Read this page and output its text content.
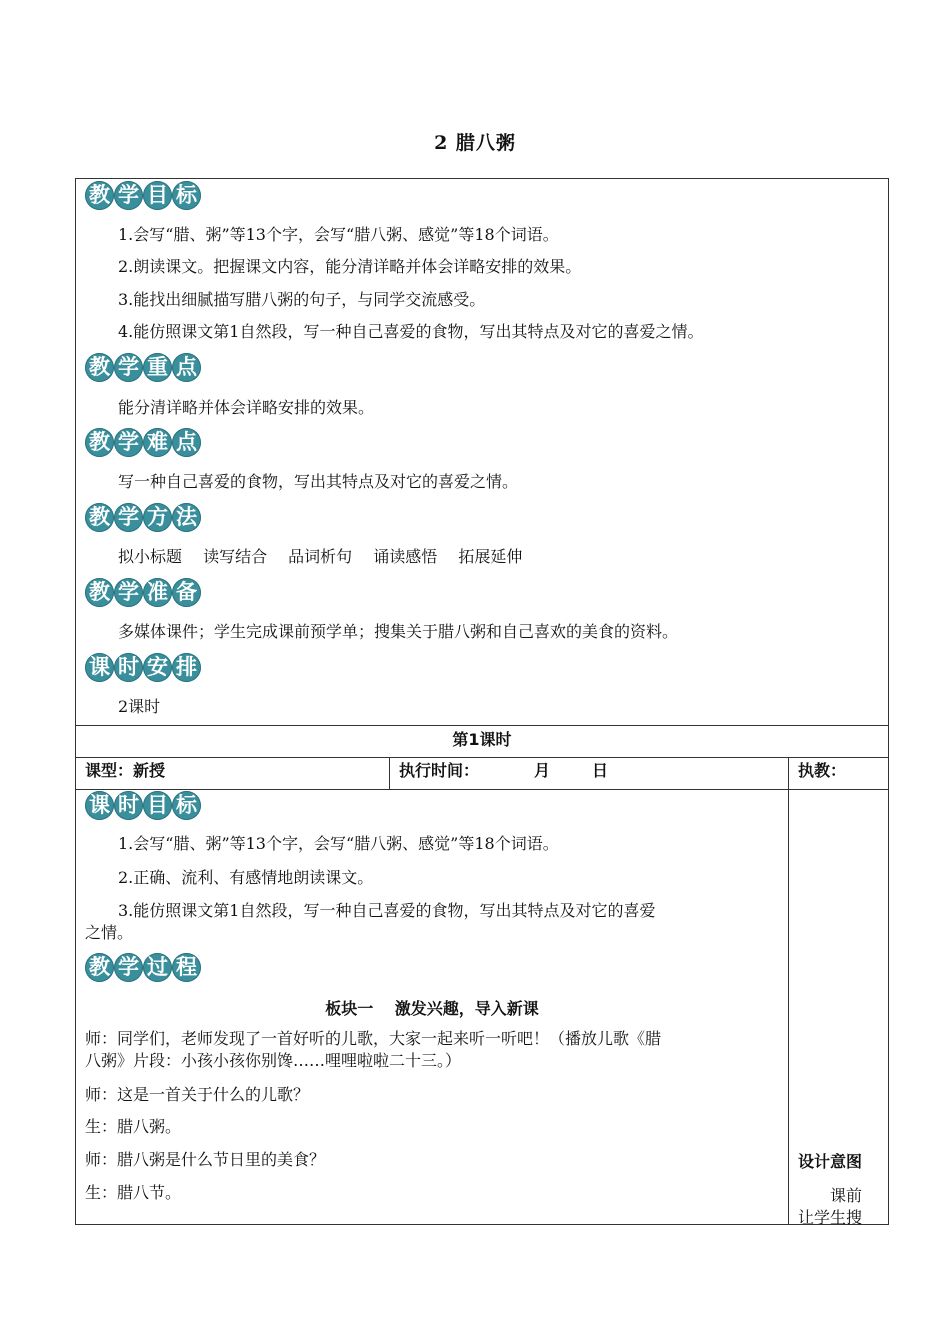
2 腊八粥
教 学 目 标
1.会写“腊、粥”等13个字，会写“腊八粥、感觉”等18个词语。
2.朗读课文。把握课文内容，能分清详略并体会详略安排的效果。
3.能找出细腻描写腊八粥的句子，与同学交流感受。
4.能仿照课文第1自然段，写一种自己喜爱的食物，写出其特点及对它的喜爱之情。
教 学 重 点
能分清详略并体会详略安排的效果。
教 学 难 点
写一种自己喜爱的食物，写出其特点及对它的喜爱之情。
教 学 方 法
拟小标题　 读写结合　 品词析句　 诵读感悟　 拓展延伸
教 学 准 备
多媒体课件；学生完成课前预学单；搜集关于腊八粥和自己喜欢的美食的资料。
课 时 安 排
2课时
第1课时
课型：新授	执行时间：	月	日	执教：
课 时 目 标
1.会写“腊、粥”等13个字，会写“腊八粥、感觉”等18个词语。
2.正确、流利、有感情地朗读课文。
3.能仿照课文第1自然段，写一种自己喜爱的食物，写出其特点及对它的喜爱
之情。
教 学 过 程
板块一　 激发兴趣，导入新课
师：同学们，老师发现了一首好听的儿歌，大家一起来听一听吧！（播放儿歌《腊
八粥》片段：小孩小孩你别馋……哩哩啦啦二十三。）
师：这是一首关于什么的儿歌？
生：腊八粥。
师：腊八粥是什么节日里的美食？
生：腊八节。
设计意图
课前
让学生搜
